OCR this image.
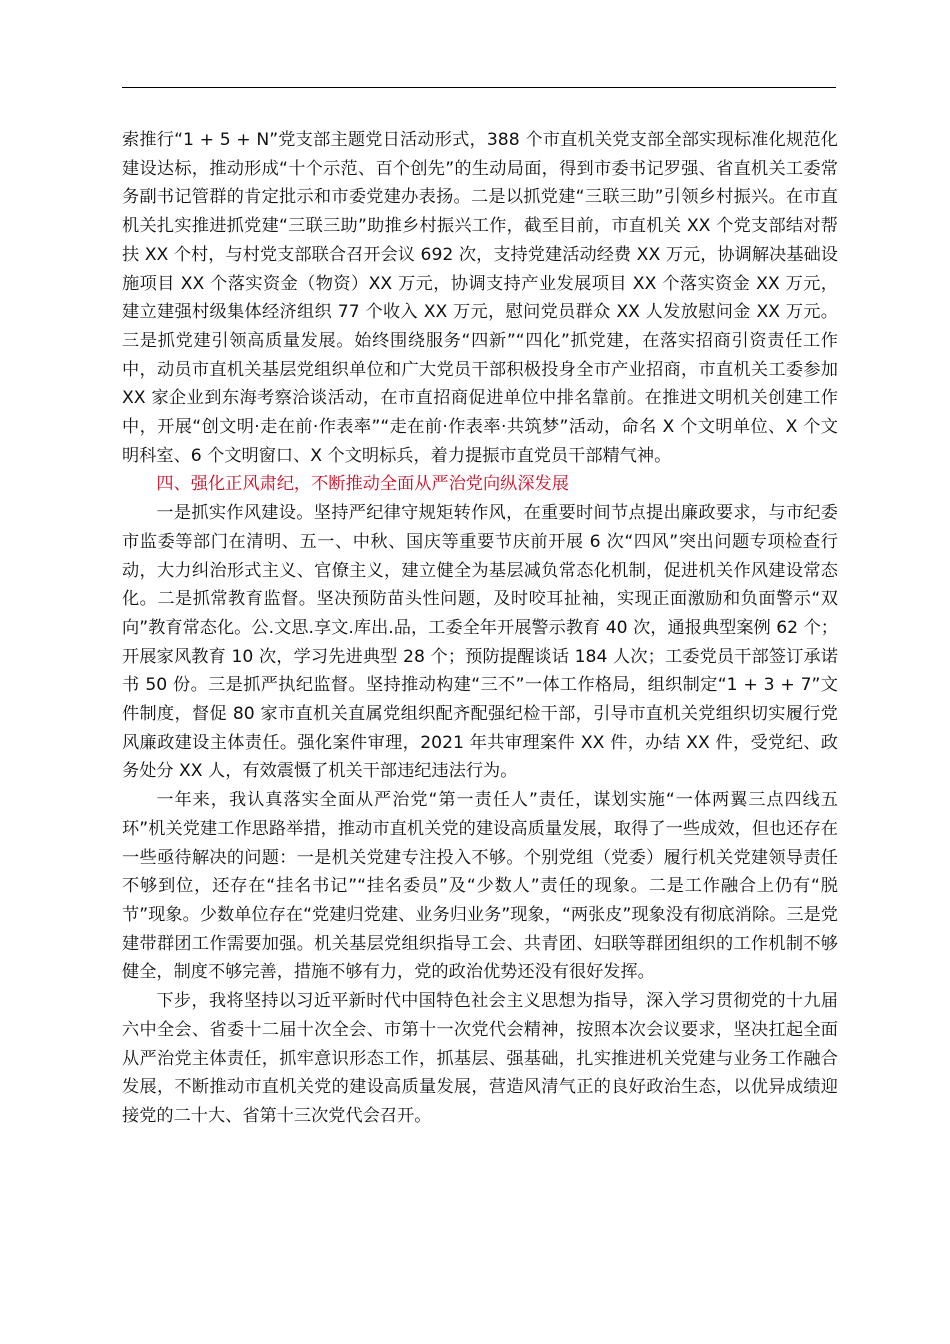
索推行“1 + 5 + N”党支部主题党日活动形式，388 个市直机关党支部全部实现标准化规范化建设达标，推动形成“十个示范、百个创先”的生动局面，得到市委书记罗强、省直机关工委常务副书记管群的肯定批示和市委党建办表扬。二是以抓党建“三联三助”引领乡村振兴。在市直机关扎实推进抓党建“三联三助”助推乡村振兴工作，截至目前，市直机关 XX 个党支部结对帮扶 XX 个村，与村党支部联合召开会议 692 次，支持党建活动经费 XX 万元，协调解决基础设施项目 XX 个落实资金（物资）XX 万元，协调支持产业发展项目 XX 个落实资金 XX 万元，建立建强村级集体经济组织 77 个收入 XX 万元，慰问党员群众 XX 人发放慰问金 XX 万元。三是抓党建引领高质量发展。始终围绕服务“四新”“四化”抓党建，在落实招商引资责任工作中，动员市直机关基层党组织单位和广大党员干部积极投身全市产业招商，市直机关工委参加 XX 家企业到东海考察洽谈活动，在市直招商促进单位中排名靠前。在推进文明机关创建工作中，开展“创文明·走在前·作表率”“走在前·作表率·共筑梦”活动，命名 X 个文明单位、X 个文明科室、6 个文明窗口、X 个文明标兵，着力提振市直党员干部精气神。

四、强化正风肃纪，不断推动全面从严治党向纵深发展

一是抓实作风建设。坚持严纪律守规矩转作风，在重要时间节点提出廉政要求，与市纪委市监委等部门在清明、五一、中秋、国庆等重要节庆前开展 6 次“四风”突出问题专项检查行动，大力纠治形式主义、官僚主义，建立健全为基层减负常态化机制，促进机关作风建设常态化。二是抓常教育监督。坚决预防苗头性问题，及时咬耳扯袖，实现正面激励和负面警示“双向”教育常态化。公.文思.享文.库出.品，工委全年开展警示教育 40 次，通报典型案例 62 个；开展家风教育 10 次，学习先进典型 28 个；预防提醒谈话 184 人次；工委党员干部签订承诺书 50 份。三是抓严执纪监督。坚持推动构建“三不”一体工作格局，组织制定“1 + 3 + 7”文件制度，督促 80 家市直机关直属党组织配齐配强纪检干部，引导市直机关党组织切实履行党风廉政建设主体责任。强化案件审理，2021 年共审理案件 XX 件，办结 XX 件，受党纪、政务处分 XX 人，有效震慑了机关干部违纪违法行为。

一年来，我认真落实全面从严治党“第一责任人”责任，谋划实施“一体两翼三点四线五环”机关党建工作思路举措，推动市直机关党的建设高质量发展，取得了一些成效，但也还存在一些亟待解决的问题：一是机关党建专注投入不够。个别党组（党委）履行机关党建领导责任不够到位，还存在“挂名书记”“挂名委员”及“少数人”责任的现象。二是工作融合上仍有“脱节”现象。少数单位存在“党建归党建、业务归业务”现象，“两张皮”现象没有彻底消除。三是党建带群团工作需要加强。机关基层党组织指导工会、共青团、妇联等群团组织的工作机制不够健全，制度不够完善，措施不够有力，党的政治优势还没有很好发挥。

下步，我将坚持以习近平新时代中国特色社会主义思想为指导，深入学习贯彻党的十九届六中全会、省委十二届十次全会、市第十一次党代会精神，按照本次会议要求，坚决扛起全面从严治党主体责任，抓牢意识形态工作，抓基层、强基础，扎实推进机关党建与业务工作融合发展，不断推动市直机关党的建设高质量发展，营造风清气正的良好政治生态，以优异成绩迎接党的二十大、省第十三次党代会召开。
